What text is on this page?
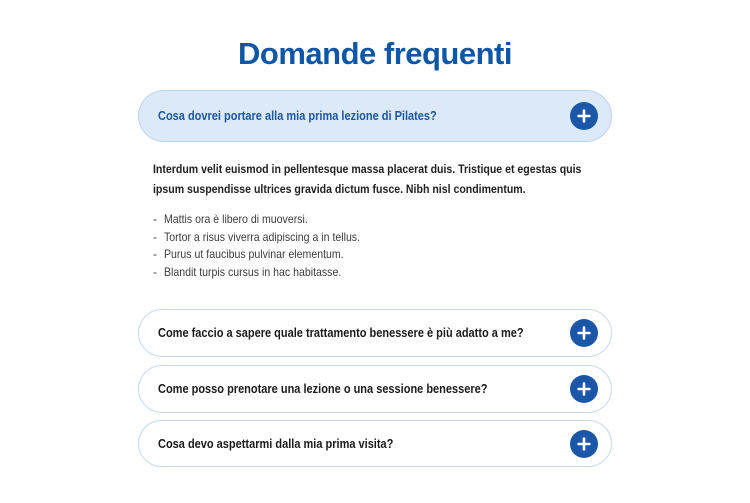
Domande frequenti
Cosa dovrei portare alla mia prima lezione di Pilates?

Interdum velit euismod in pellentesque massa placerat duis. Tristique et egestas quis ipsum suspendisse ultrices gravida dictum fusce. Nibh nisl condimentum.

- Mattis ora è libero di muoversi.
- Tortor a risus viverra adipiscing a in tellus.
- Purus ut faucibus pulvinar elementum.
- Blandit turpis cursus in hac habitasse.
Come faccio a sapere quale trattamento benessere è più adatto a me?
Come posso prenotare una lezione o una sessione benessere?
Cosa devo aspettarmi dalla mia prima visita?
